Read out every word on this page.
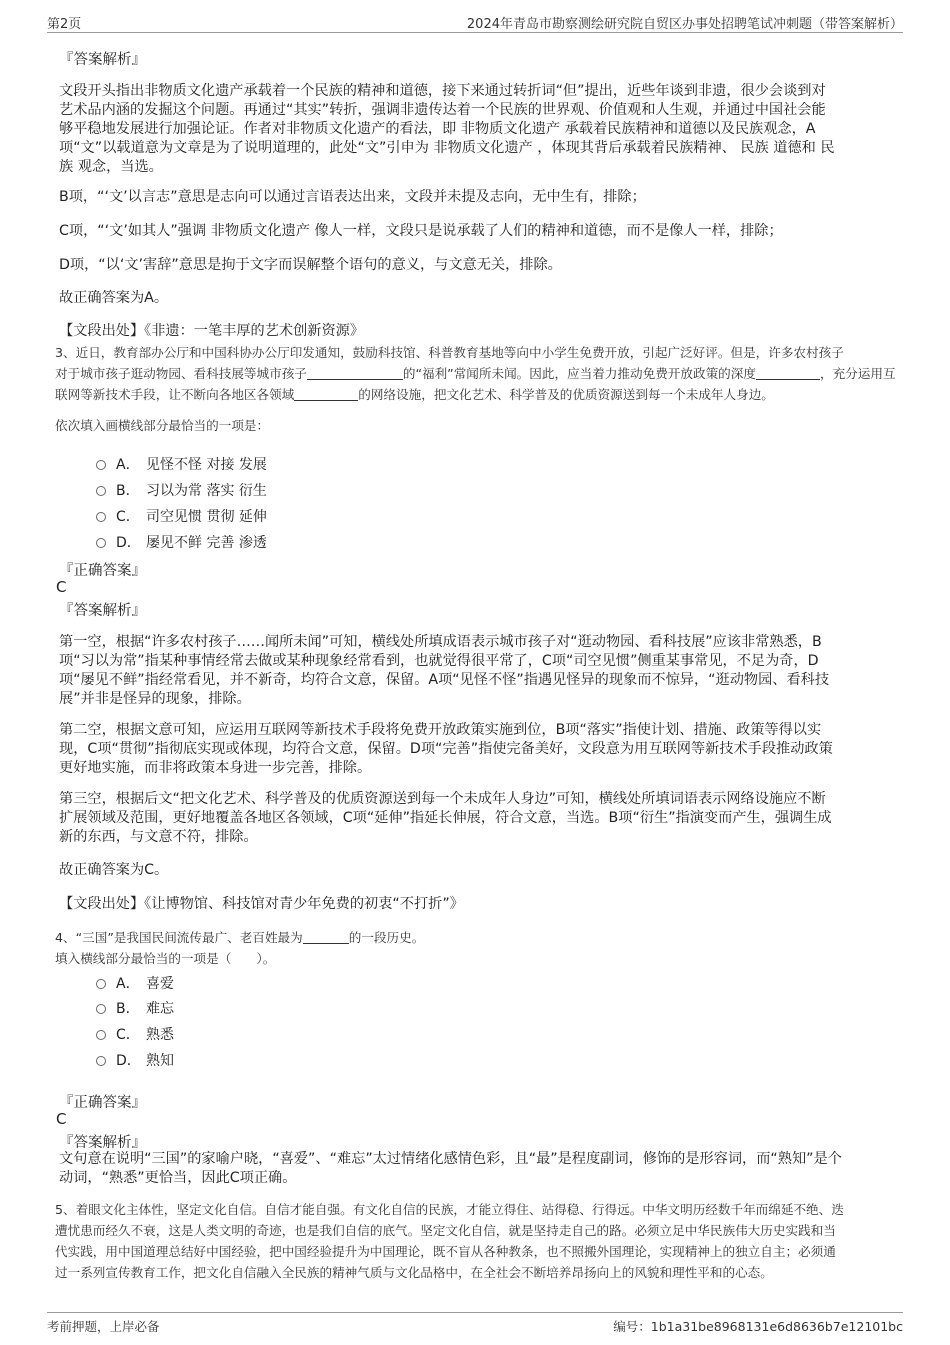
第2页	2024年青岛市勘察测绘研究院自贸区办事处招聘笔试冲刺题（带答案解析）
『答案解析』
文段开头指出非物质文化遗产承载着一个民族的精神和道德，接下来通过转折词“但”提出，近些年谈到非遗，很少会谈到对
艺术品内涵的发掘这个问题。再通过“其实”转折，强调非遗传达着一个民族的世界观、价值观和人生观，并通过中国社会能
够平稳地发展进行加强论证。作者对非物质文化遗产的看法，即 非物质文化遗产 承载着民族精神和道德以及民族观念，A
项“文”以载道意为文章是为了说明道理的，此处“文”引申为 非物质文化遗产 ，体现其背后承载着民族精神、 民族 道德和 民
族 观念，当选。
B项，“‘文’以言志”意思是志向可以通过言语表达出来，文段并未提及志向，无中生有，排除；
C项，“‘文’如其人”强调 非物质文化遗产 像人一样，文段只是说承载了人们的精神和道德，而不是像人一样，排除；
D项，“以‘文’害辞”意思是拘于文字而误解整个语句的意义，与文意无关，排除。
故正确答案为A。
【文段出处】《非遗：一笔丰厚的艺术创新资源》
3、近日，教育部办公厅和中国科协办公厅印发通知，鼓励科技馆、科普教育基地等向中小学生免费开放，引起广泛好评。但是，许多农村孩子
对于城市孩子逛动物园、看科技展等城市孩子	的“福利”常闻所未闻。因此，应当着力推动免费开放政策的深度	，充分运用互
联网等新技术手段，让不断向各地区各领域	的网络设施，把文化艺术、科学普及的优质资源送到每一个未成年人身边。
依次填入画横线部分最恰当的一项是：
A． 见怪不怪 对接 发展
B． 习以为常 落实 衍生
C． 司空见惯 贯彻 延伸
D． 屡见不鲜 完善 渗透
『正确答案』
C
『答案解析』
第一空，根据“许多农村孩子……闻所未闻”可知，横线处所填成语表示城市孩子对“逛动物园、看科技展”应该非常熟悉，B
项“习以为常”指某种事情经常去做或某种现象经常看到，也就觉得很平常了，C项“司空见惯”侧重某事常见，不足为奇，D
项“屡见不鲜”指经常看见，并不新奇，均符合文意，保留。A项“见怪不怪”指遇见怪异的现象而不惊异，“逛动物园、看科技
展”并非是怪异的现象，排除。
第二空，根据文意可知，应运用互联网等新技术手段将免费开放政策实施到位，B项“落实”指使计划、措施、政策等得以实
现，C项“贯彻”指彻底实现或体现，均符合文意，保留。D项“完善”指使完备美好，文段意为用互联网等新技术手段推动政策
更好地实施，而非将政策本身进一步完善，排除。
第三空，根据后文“把文化艺术、科学普及的优质资源送到每一个未成年人身边”可知，横线处所填词语表示网络设施应不断
扩展领域及范围，更好地覆盖各地区各领域，C项“延伸”指延长伸展，符合文意，当选。B项“衍生”指演变而产生，强调生成
新的东西，与文意不符，排除。
故正确答案为C。
【文段出处】《让博物馆、科技馆对青少年免费的初衷“不打折”》
4、“三国”是我国民间流传最广、老百姓最为	的一段历史。
填入横线部分最恰当的一项是（　　）。
A． 喜爱
B． 难忘
C． 熟悉
D． 熟知
『正确答案』
C
『答案解析』
文句意在说明“三国”的家喻户晓，“喜爱”、“难忘”太过情绪化感情色彩，且“最”是程度副词，修饰的是形容词，而“熟知”是个
动词，“熟悉”更恰当，因此C项正确。
5、着眼文化主体性，坚定文化自信。自信才能自强。有文化自信的民族，才能立得住、站得稳、行得远。中华文明历经数千年而绵延不绝、迭
遭忧患而经久不衰，这是人类文明的奇迹，也是我们自信的底气。坚定文化自信，就是坚持走自己的路。必须立足中华民族伟大历史实践和当
代实践，用中国道理总结好中国经验，把中国经验提升为中国理论，既不盲从各种教条，也不照搬外国理论，实现精神上的独立自主；必须通
过一系列宣传教育工作，把文化自信融入全民族的精神气质与文化品格中，在全社会不断培养昂扬向上的风貌和理性平和的心态。
考前押题，上岸必备	编号：1b1a31be8968131e6d8636b7e12101bc
